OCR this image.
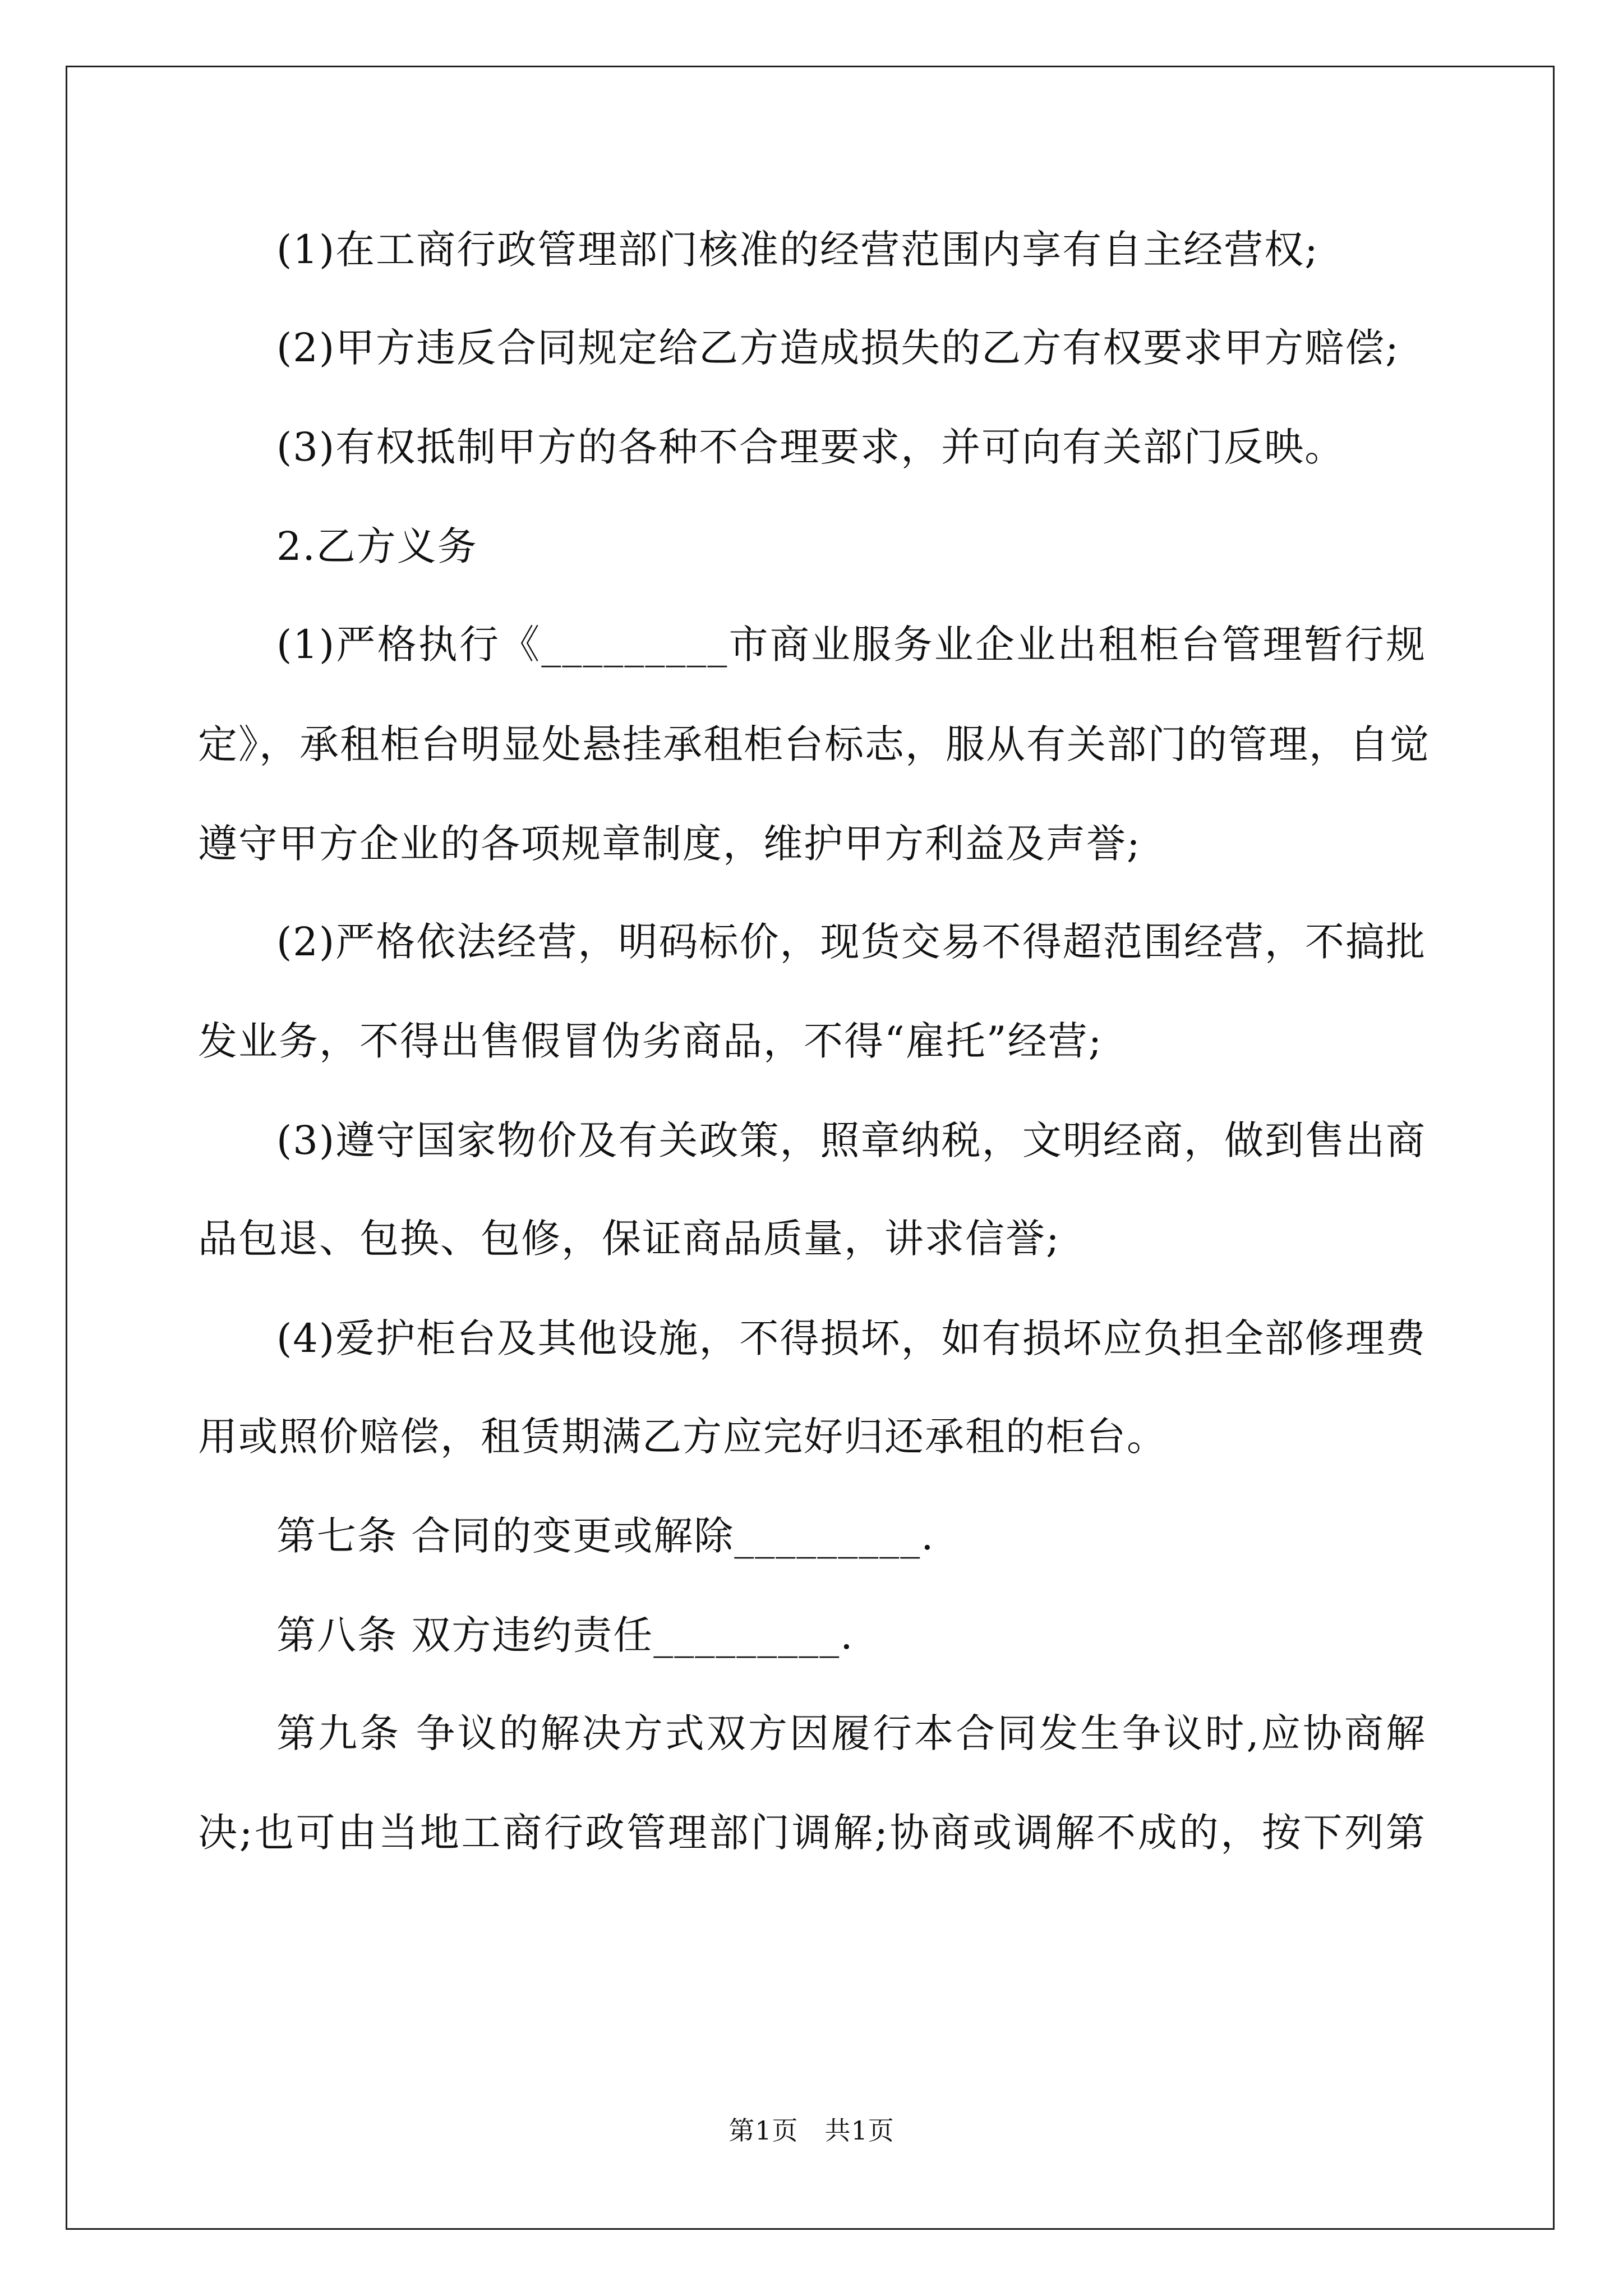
(1)在工商行政管理部门核准的经营范围内享有自主经营权;
(2)甲方违反合同规定给乙方造成损失的乙方有权要求甲方赔偿;
(3)有权抵制甲方的各种不合理要求，并可向有关部门反映。
2.乙方义务
(1)严格执行《_________市商业服务业企业出租柜台管理暂行规
定》，承租柜台明显处悬挂承租柜台标志，服从有关部门的管理，自觉
遵守甲方企业的各项规章制度，维护甲方利益及声誉;
(2)严格依法经营，明码标价，现货交易不得超范围经营，不搞批
发业务，不得出售假冒伪劣商品，不得“雇托”经营;
(3)遵守国家物价及有关政策，照章纳税，文明经商，做到售出商
品包退、包换、包修，保证商品质量，讲求信誉;
(4)爱护柜台及其他设施，不得损坏，如有损坏应负担全部修理费
用或照价赔偿，租赁期满乙方应完好归还承租的柜台。
第七条 合同的变更或解除_________.
第八条 双方违约责任_________.
第九条 争议的解决方式双方因履行本合同发生争议时,应协商解
决;也可由当地工商行政管理部门调解;协商或调解不成的，按下列第
第1页　共1页
